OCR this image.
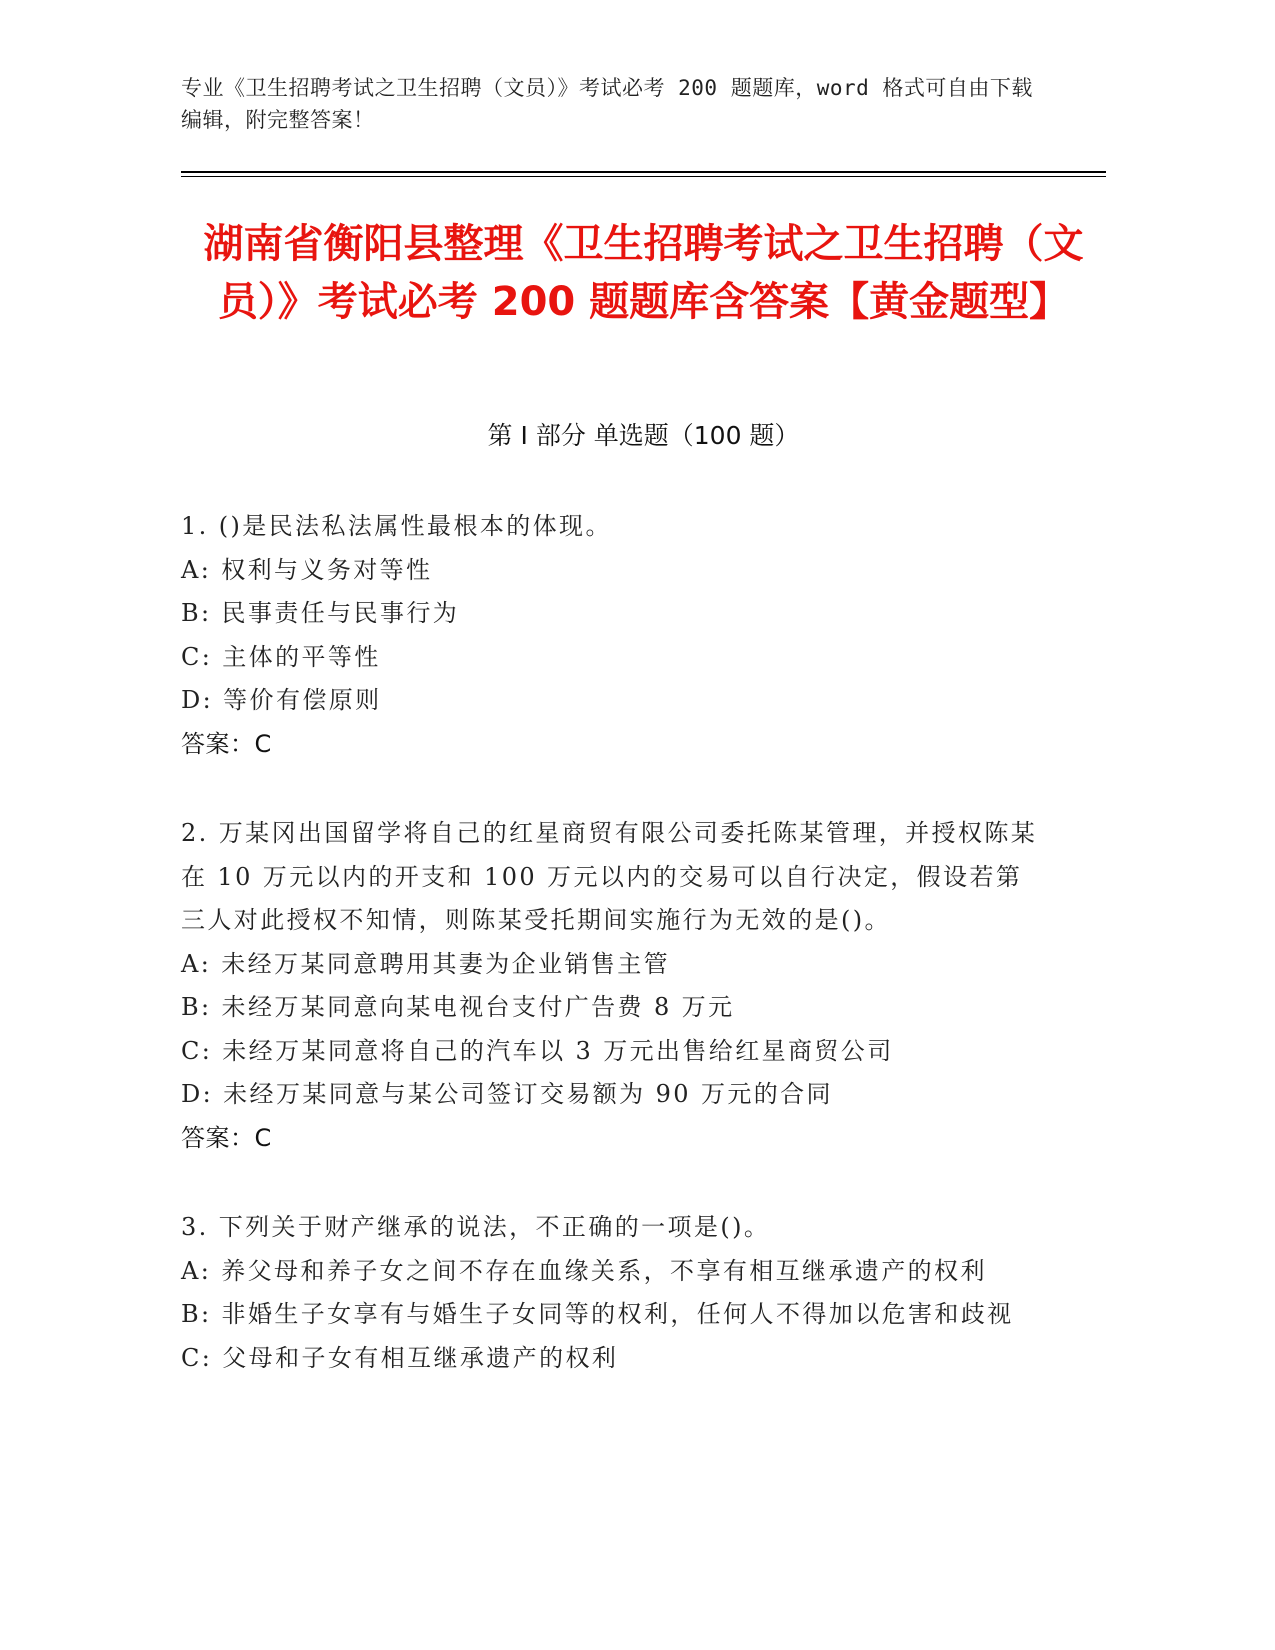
专业《卫生招聘考试之卫生招聘（文员）》考试必考 200 题题库，word 格式可自由下载编辑，附完整答案！
湖南省衡阳县整理《卫生招聘考试之卫生招聘（文员）》考试必考 200 题题库含答案【黄金题型】
第 I 部分 单选题（100 题）
1. ()是民法私法属性最根本的体现。
A: 权利与义务对等性
B: 民事责任与民事行为
C: 主体的平等性
D: 等价有偿原则
答案：C
2. 万某冈出国留学将自己的红星商贸有限公司委托陈某管理，并授权陈某在 10 万元以内的开支和 100 万元以内的交易可以自行决定，假设若第三人对此授权不知情，则陈某受托期间实施行为无效的是()。
A: 未经万某同意聘用其妻为企业销售主管
B: 未经万某同意向某电视台支付广告费 8 万元
C: 未经万某同意将自己的汽车以 3 万元出售给红星商贸公司
D: 未经万某同意与某公司签订交易额为 90 万元的合同
答案：C
3. 下列关于财产继承的说法，不正确的一项是()。
A: 养父母和养子女之间不存在血缘关系，不享有相互继承遗产的权利
B: 非婚生子女享有与婚生子女同等的权利，任何人不得加以危害和歧视
C: 父母和子女有相互继承遗产的权利
